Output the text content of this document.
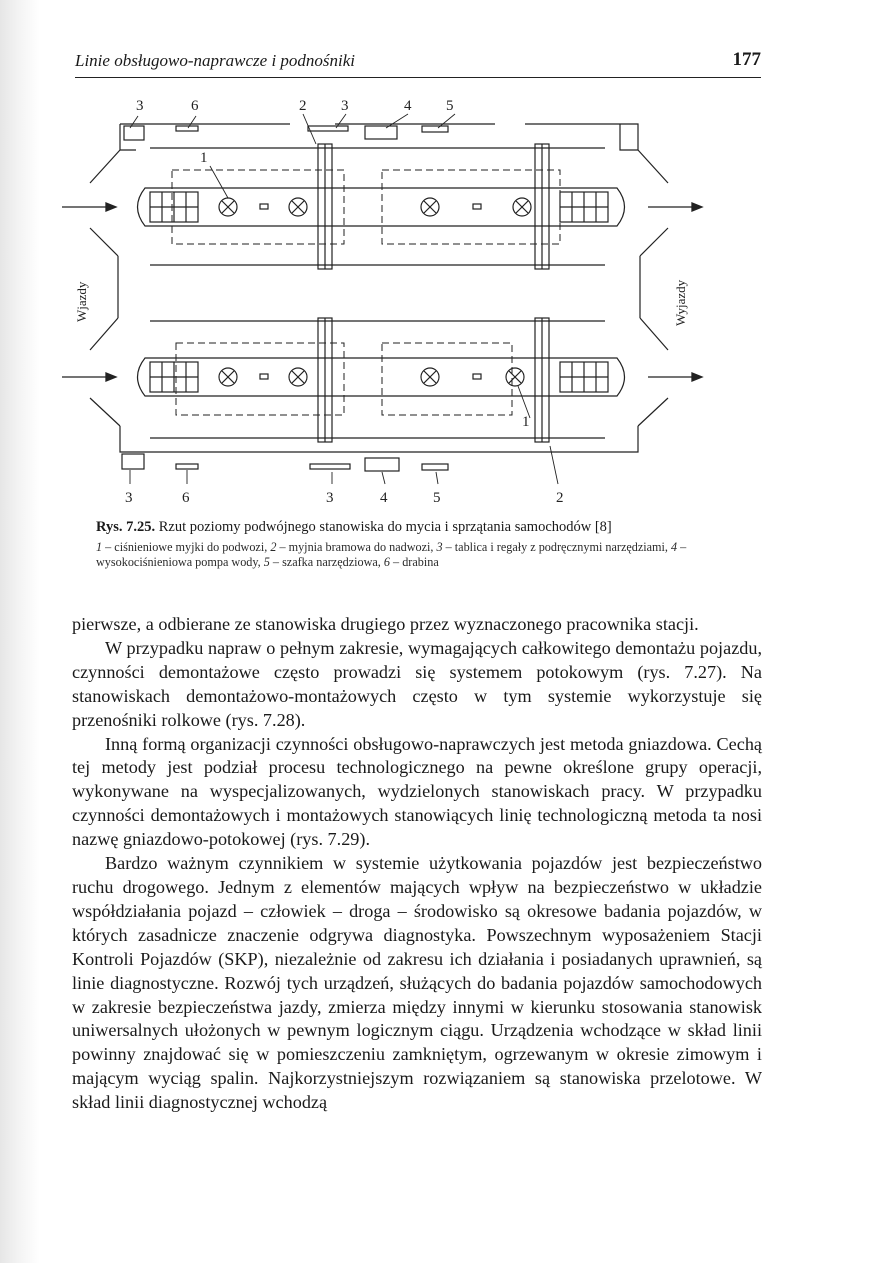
Linie obsługowo-naprawcze i podnośniki	177
3	6	2 3	4 5
1
1
3	6	3	4	5	2
Wjazdy	Wyjazdy
Rys. 7.25. Rzut poziomy podwójnego stanowiska do mycia i sprzątania samochodów [8]
1 – ciśnieniowe myjki do podwozi, 2 – myjnia bramowa do nadwozi, 3 – tablica i regały z podręcznymi narzędziami, 4 – wysokociśnieniowa pompa wody, 5 – szafka narzędziowa, 6 – drabina

pierwsze, a odbierane ze stanowiska drugiego przez wyznaczonego pracownika stacji.

W przypadku napraw o pełnym zakresie, wymagających całkowitego demontażu pojazdu, czynności demontażowe często prowadzi się systemem potokowym (rys. 7.27). Na stanowiskach demontażowo-montażowych często w tym systemie wykorzystuje się przenośniki rolkowe (rys. 7.28).

Inną formą organizacji czynności obsługowo-naprawczych jest metoda gniazdowa. Cechą tej metody jest podział procesu technologicznego na pewne określone grupy operacji, wykonywane na wyspecjalizowanych, wydzielonych stanowiskach pracy. W przypadku czynności demontażowych i montażowych stanowiących linię technologiczną metoda ta nosi nazwę gniazdowo-potokowej (rys. 7.29).

Bardzo ważnym czynnikiem w systemie użytkowania pojazdów jest bezpieczeństwo ruchu drogowego. Jednym z elementów mających wpływ na bezpieczeństwo w układzie współdziałania pojazd – człowiek – droga – środowisko są okresowe badania pojazdów, w których zasadnicze znaczenie odgrywa diagnostyka. Powszechnym wyposażeniem Stacji Kontroli Pojazdów (SKP), niezależnie od zakresu ich działania i posiadanych uprawnień, są linie diagnostyczne. Rozwój tych urządzeń, służących do badania pojazdów samochodowych w zakresie bezpieczeństwa jazdy, zmierza między innymi w kierunku stosowania stanowisk uniwersalnych ułożonych w pewnym logicznym ciągu. Urządzenia wchodzące w skład linii powinny znajdować się w pomieszczeniu zamkniętym, ogrzewanym w okresie zimowym i mającym wyciąg spalin. Najkorzystniejszym rozwiązaniem są stanowiska przelotowe. W skład linii diagnostycznej wchodzą
